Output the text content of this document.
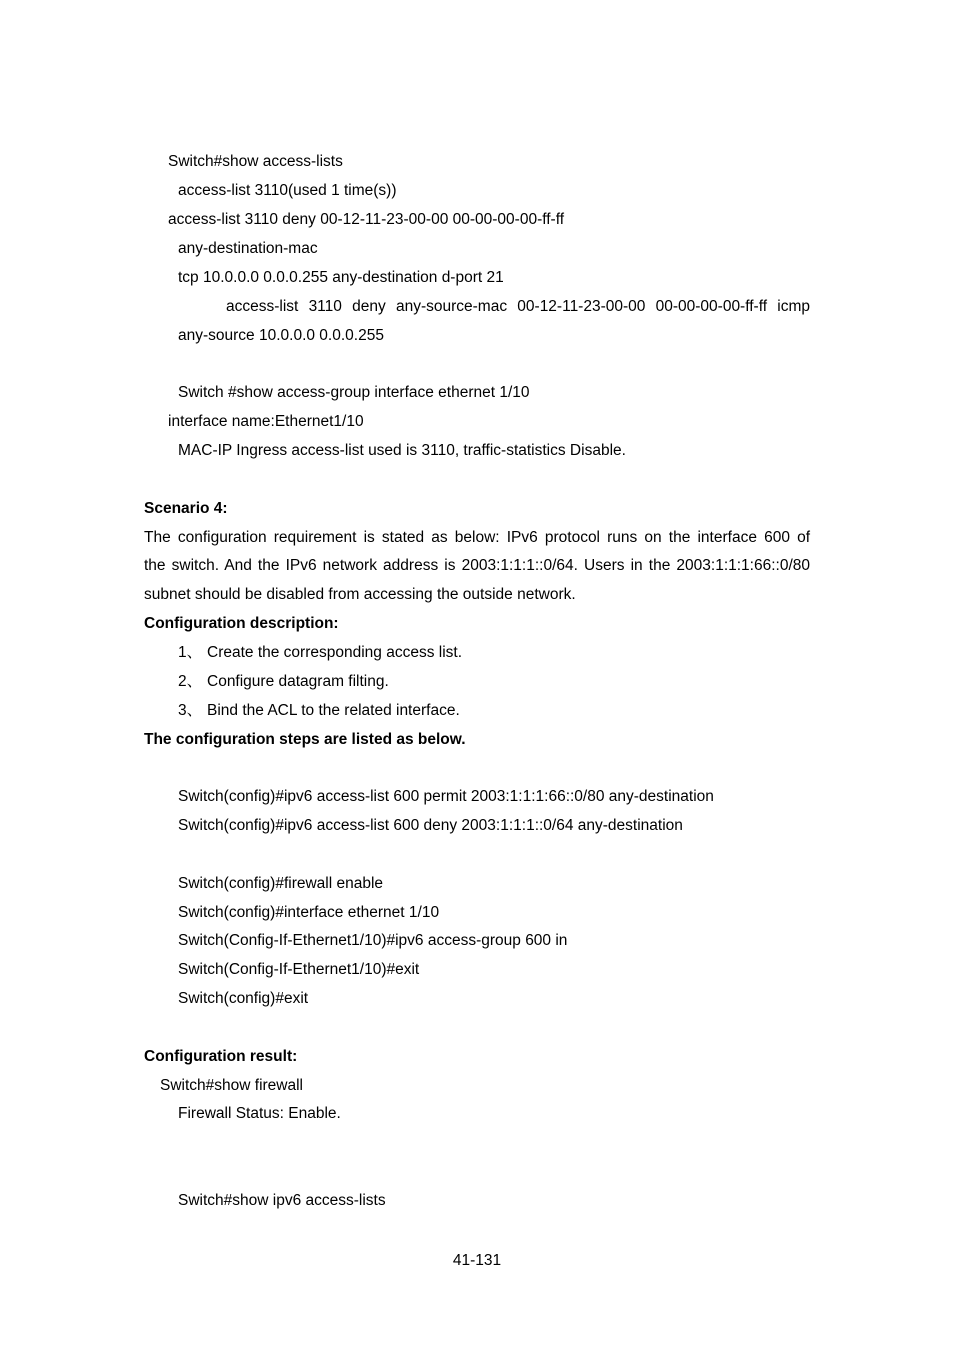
Switch#show access-lists
access-list 3110(used 1 time(s))
access-list 3110 deny 00-12-11-23-00-00 00-00-00-00-ff-ff
any-destination-mac
tcp 10.0.0.0 0.0.0.255 any-destination d-port 21
access-list 3110 deny any-source-mac 00-12-11-23-00-00 00-00-00-00-ff-ff icmp
any-source 10.0.0.0 0.0.0.255
Switch #show access-group interface ethernet 1/10
interface name:Ethernet1/10
MAC-IP Ingress access-list used is 3110, traffic-statistics Disable.
Scenario 4:
The configuration requirement is stated as below: IPv6 protocol runs on the interface 600 of
the switch. And the IPv6 network address is 2003:1:1:1::0/64. Users in the 2003:1:1:1:66::0/80
subnet should be disabled from accessing the outside network.
Configuration description:
1、 Create the corresponding access list.
2、 Configure datagram filting.
3、 Bind the ACL to the related interface.
The configuration steps are listed as below.
Switch(config)#ipv6 access-list 600 permit 2003:1:1:1:66::0/80 any-destination
Switch(config)#ipv6 access-list 600 deny 2003:1:1:1::0/64 any-destination
Switch(config)#firewall enable
Switch(config)#interface ethernet 1/10
Switch(Config-If-Ethernet1/10)#ipv6 access-group 600 in
Switch(Config-If-Ethernet1/10)#exit
Switch(config)#exit
Configuration result:
Switch#show firewall
Firewall Status: Enable.
Switch#show ipv6 access-lists
41-131
